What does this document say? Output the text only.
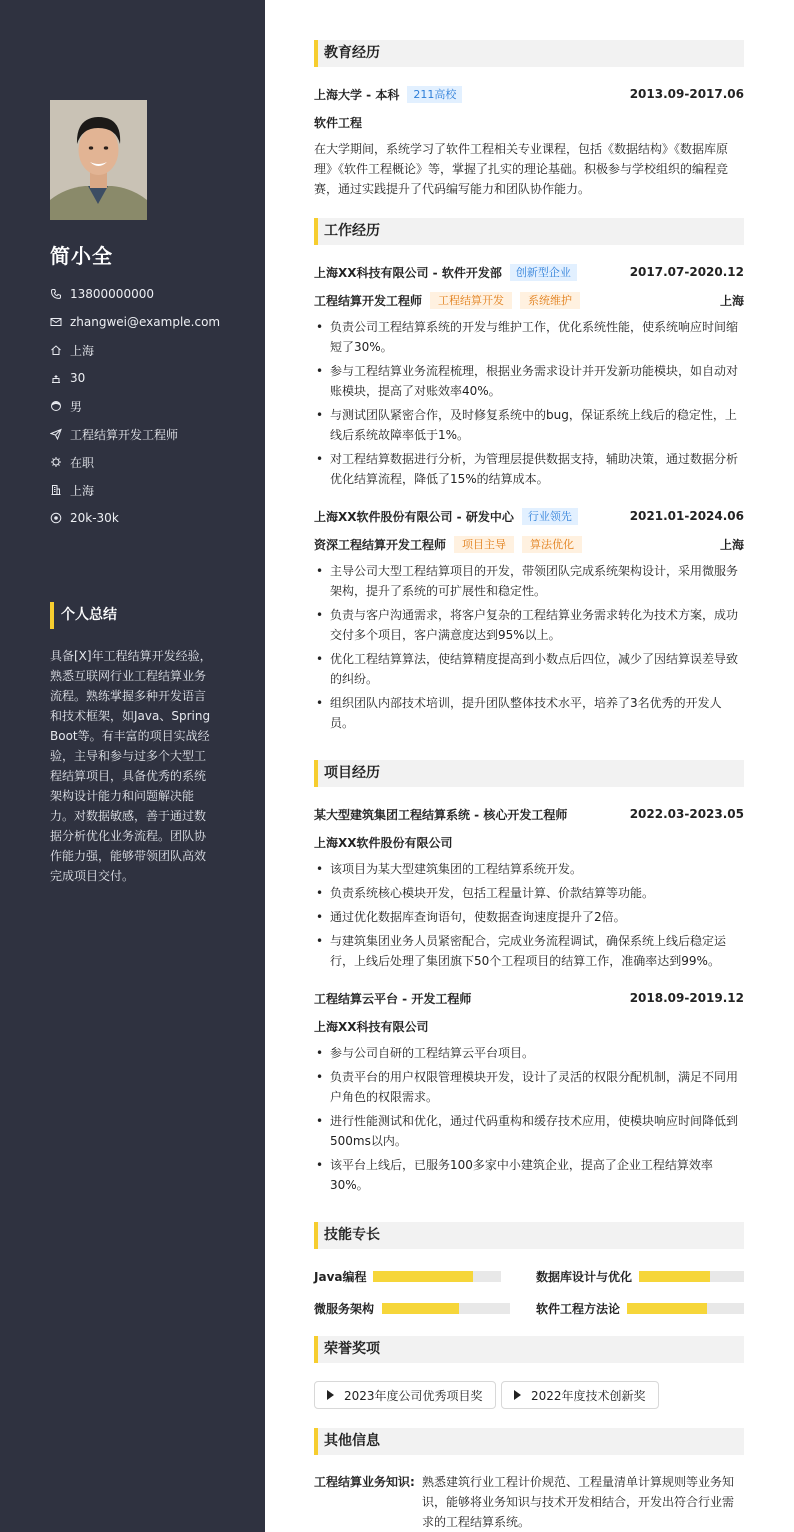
简小全
13800000000
zhangwei@example.com
上海
30
男
工程结算开发工程师
在职
上海
20k-30k
个人总结
具备[X]年工程结算开发经验，熟悉互联网行业工程结算业务流程。熟练掌握多种开发语言和技术框架，如Java、Spring Boot等。有丰富的项目实战经验，主导和参与过多个大型工程结算项目，具备优秀的系统架构设计能力和问题解决能力。对数据敏感，善于通过数据分析优化业务流程。团队协作能力强，能够带领团队高效完成项目交付。
教育经历
上海大学 - 本科	211高校	2013.09-2017.06
软件工程
在大学期间，系统学习了软件工程相关专业课程，包括《数据结构》《数据库原理》《软件工程概论》等，掌握了扎实的理论基础。积极参与学校组织的编程竞赛，通过实践提升了代码编写能力和团队协作能力。
工作经历
上海XX科技有限公司 - 软件开发部	创新型企业	2017.07-2020.12
工程结算开发工程师	工程结算开发	系统维护	上海
• 负责公司工程结算系统的开发与维护工作，优化系统性能，使系统响应时间缩短了30%。
• 参与工程结算业务流程梳理，根据业务需求设计并开发新功能模块，如自动对账模块，提高了对账效率40%。
• 与测试团队紧密合作，及时修复系统中的bug，保证系统上线后的稳定性，上线后系统故障率低于1%。
• 对工程结算数据进行分析，为管理层提供数据支持，辅助决策，通过数据分析优化结算流程，降低了15%的结算成本。
上海XX软件股份有限公司 - 研发中心	行业领先	2021.01-2024.06
资深工程结算开发工程师	项目主导	算法优化	上海
• 主导公司大型工程结算项目的开发，带领团队完成系统架构设计，采用微服务架构，提升了系统的可扩展性和稳定性。
• 负责与客户沟通需求，将客户复杂的工程结算业务需求转化为技术方案，成功交付多个项目，客户满意度达到95%以上。
• 优化工程结算算法，使结算精度提高到小数点后四位，减少了因结算误差导致的纠纷。
• 组织团队内部技术培训，提升团队整体技术水平，培养了3名优秀的开发人员。
项目经历
某大型建筑集团工程结算系统 - 核心开发工程师	2022.03-2023.05
上海XX软件股份有限公司
• 该项目为某大型建筑集团的工程结算系统开发。
• 负责系统核心模块开发，包括工程量计算、价款结算等功能。
• 通过优化数据库查询语句，使数据查询速度提升了2倍。
• 与建筑集团业务人员紧密配合，完成业务流程调试，确保系统上线后稳定运行，上线后处理了集团旗下50个工程项目的结算工作，准确率达到99%。
工程结算云平台 - 开发工程师	2018.09-2019.12
上海XX科技有限公司
• 参与公司自研的工程结算云平台项目。
• 负责平台的用户权限管理模块开发，设计了灵活的权限分配机制，满足不同用户角色的权限需求。
• 进行性能测试和优化，通过代码重构和缓存技术应用，使模块响应时间降低到500ms以内。
• 该平台上线后，已服务100多家中小建筑企业，提高了企业工程结算效率30%。
技能专长
Java编程	数据库设计与优化
微服务架构	软件工程方法论
荣誉奖项
2023年度公司优秀项目奖	2022年度技术创新奖
其他信息
工程结算业务知识: 熟悉建筑行业工程计价规范、工程量清单计算规则等业务知识，能够将业务知识与技术开发相结合，开发出符合行业需求的工程结算系统。
